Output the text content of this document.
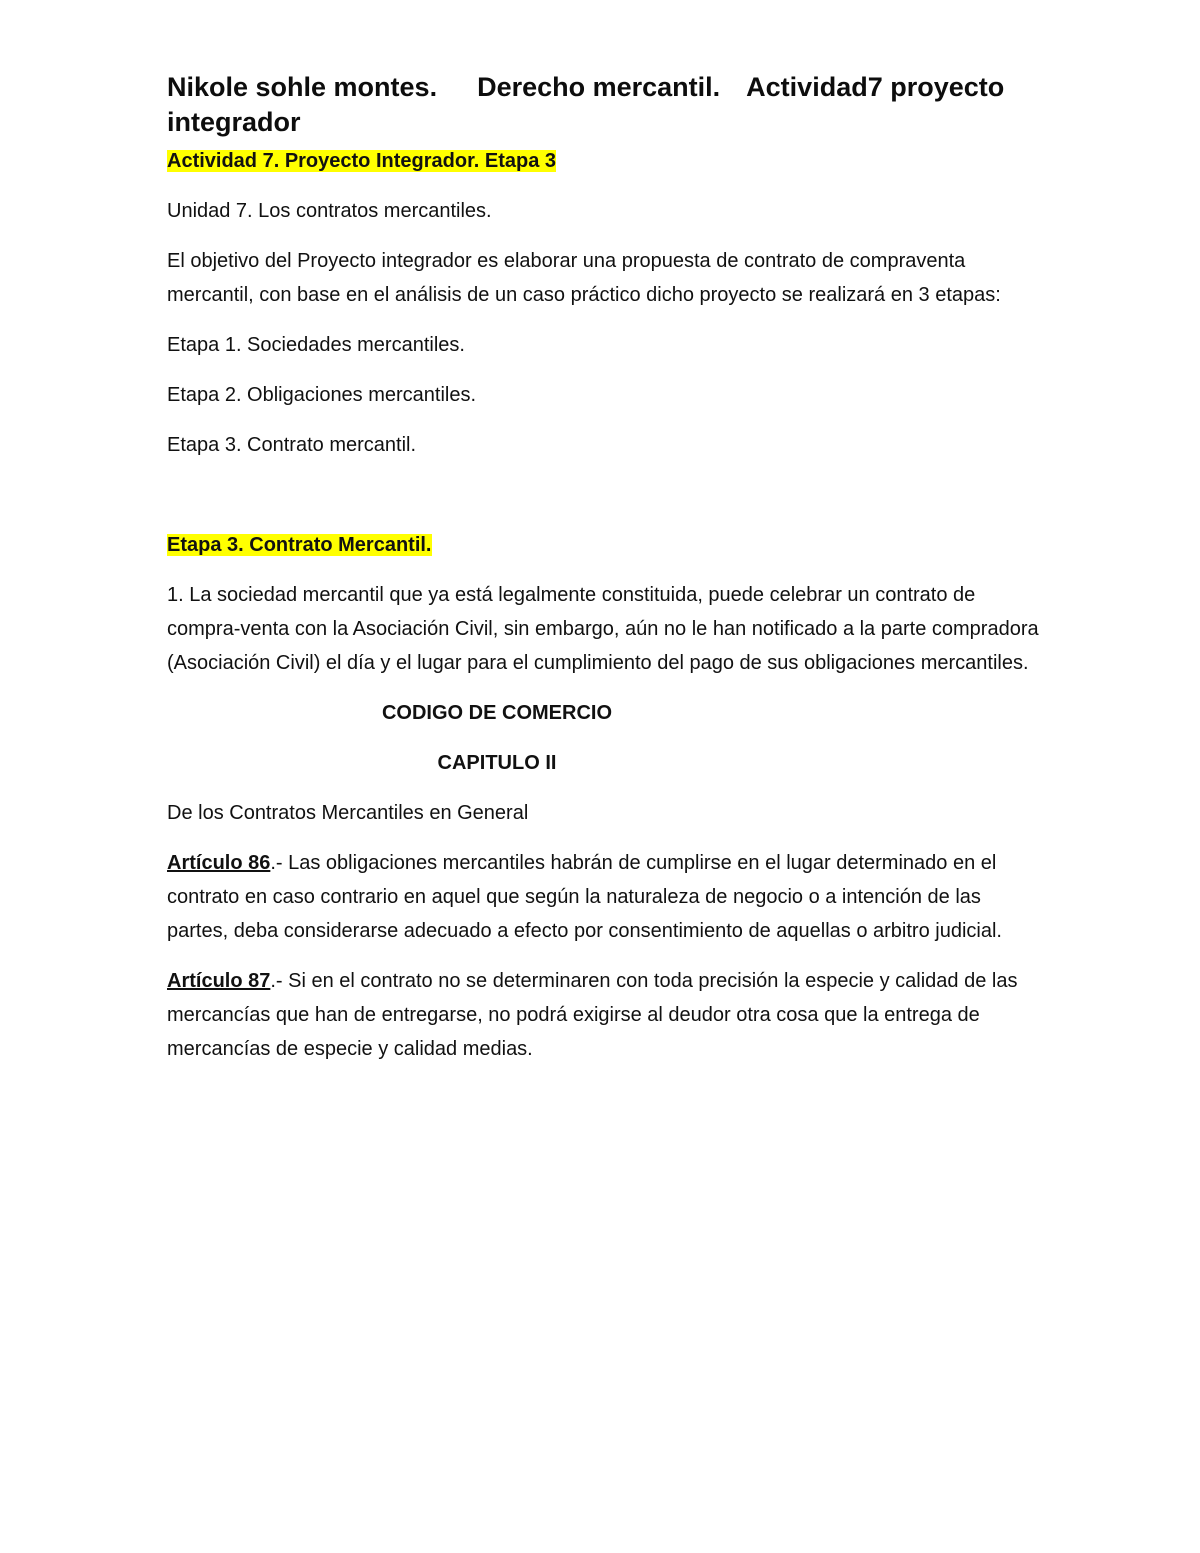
Nikole sohle montes. Derecho mercantil. Actividad7 proyecto
integrador

Actividad 7. Proyecto Integrador. Etapa 3

Unidad 7. Los contratos mercantiles.

El objetivo del Proyecto integrador es elaborar una propuesta de contrato de compraventa mercantil, con base en el análisis de un caso práctico dicho proyecto se realizará en 3 etapas:

Etapa 1. Sociedades mercantiles.

Etapa 2. Obligaciones mercantiles.

Etapa 3. Contrato mercantil.

Etapa 3. Contrato Mercantil.

1. La sociedad mercantil que ya está legalmente constituida, puede celebrar un contrato de compra-venta con la Asociación Civil, sin embargo, aún no le han notificado a la parte compradora (Asociación Civil) el día y el lugar para el cumplimiento del pago de sus obligaciones mercantiles.

CODIGO DE COMERCIO

CAPITULO II

De los Contratos Mercantiles en General

Artículo 86.- Las obligaciones mercantiles habrán de cumplirse en el lugar determinado en el contrato en caso contrario en aquel que según la naturaleza de negocio o a intención de las partes, deba considerarse adecuado a efecto por consentimiento de aquellas o arbitro judicial.

Artículo 87.- Si en el contrato no se determinaren con toda precisión la especie y calidad de las mercancías que han de entregarse, no podrá exigirse al deudor otra cosa que la entrega de mercancías de especie y calidad medias.
